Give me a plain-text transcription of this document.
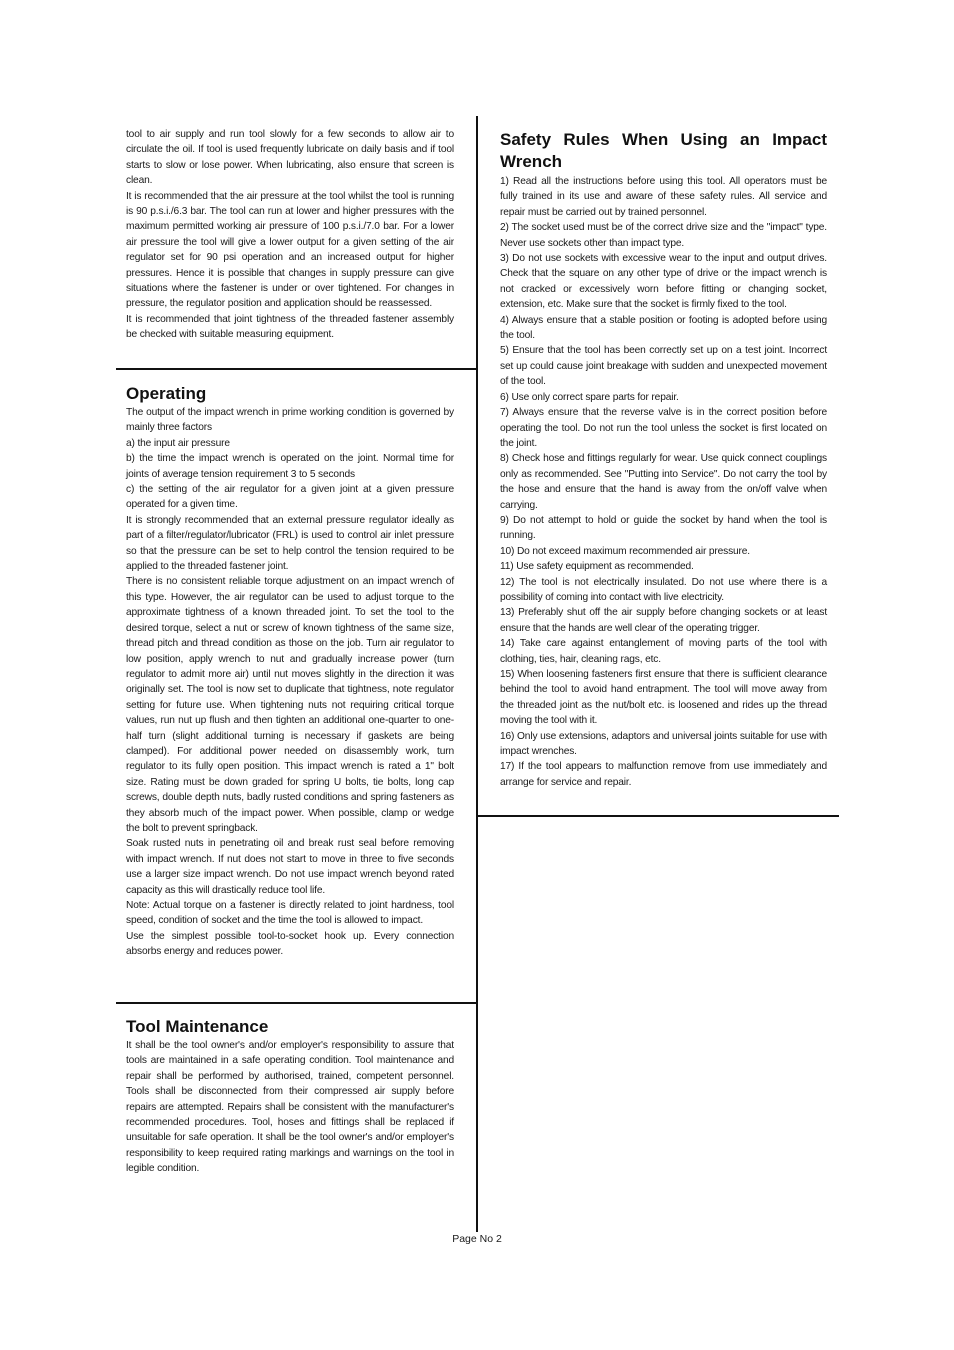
tool to air supply and run tool slowly for a few seconds to allow air to circulate the oil. If tool is used frequently lubricate on daily basis and if tool starts to slow or lose power. When lubricating, also ensure that screen is clean.

It is recommended that the air pressure at the tool whilst the tool is running is 90 p.s.i./6.3 bar. The tool can run at lower and higher pressures with the maximum permitted working air pressure of 100 p.s.i./7.0 bar. For a lower air pressure the tool will give a lower output for a given setting of the air regulator set for 90 psi operation and an increased output for higher pressures. Hence it is possible that changes in supply pressure can give situations where the fastener is under or over tightened. For changes in pressure, the regulator position and application should be reassessed.

It is recommended that joint tightness of the threaded fastener assembly be checked with suitable measuring equipment.

Operating

The output of the impact wrench in prime working condition is governed by mainly three factors

a) the input air pressure

b) the time the impact wrench is operated on the joint. Normal time for joints of average tension requirement 3 to 5 seconds

c) the setting of the air regulator for a given joint at a given pressure operated for a given time.

It is strongly recommended that an external pressure regulator ideally as part of a filter/regulator/lubricator (FRL) is used to control air inlet pressure so that the pressure can be set to help control the tension required to be applied to the threaded fastener joint.

There is no consistent reliable torque adjustment on an impact wrench of this type. However, the air regulator can be used to adjust torque to the approximate tightness of a known threaded joint. To set the tool to the desired torque, select a nut or screw of known tightness of the same size, thread pitch and thread condition as those on the job. Turn air regulator to low position, apply wrench to nut and gradually increase power (turn regulator to admit more air) until nut moves slightly in the direction it was originally set. The tool is now set to duplicate that tightness, note regulator setting for future use. When tightening nuts not requiring critical torque values, run nut up flush and then tighten an additional one-quarter to one-half turn (slight additional turning is necessary if gaskets are being clamped). For additional power needed on disassembly work, turn regulator to its fully open position. This impact wrench is rated a 1" bolt size. Rating must be down graded for spring U bolts, tie bolts, long cap screws, double depth nuts, badly rusted conditions and spring fasteners as they absorb much of the impact power. When possible, clamp or wedge the bolt to prevent springback.

Soak rusted nuts in penetrating oil and break rust seal before removing with impact wrench. If nut does not start to move in three to five seconds use a larger size impact wrench. Do not use impact wrench beyond rated capacity as this will drastically reduce tool life.

Note: Actual torque on a fastener is directly related to joint hardness, tool speed, condition of socket and the time the tool is allowed to impact.

Use the simplest possible tool-to-socket hook up. Every connection absorbs energy and reduces power.

Tool Maintenance

It shall be the tool owner's and/or employer's responsibility to assure that tools are maintained in a safe operating condition. Tool maintenance and repair shall be performed by authorised, trained, competent personnel. Tools shall be disconnected from their compressed air supply before repairs are attempted. Repairs shall be consistent with the manufacturer's recommended procedures. Tool, hoses and fittings shall be replaced if unsuitable for safe operation. It shall be the tool owner's and/or employer's responsibility to keep required rating markings and warnings on the tool in legible condition.

Safety Rules When Using an Impact Wrench

1) Read all the instructions before using this tool. All operators must be fully trained in its use and aware of these safety rules. All service and repair must be carried out by trained personnel.

2) The socket used must be of the correct drive size and the "impact" type. Never use sockets other than impact type.

3) Do not use sockets with excessive wear to the input and output drives. Check that the square on any other type of drive or the impact wrench is not cracked or excessively worn before fitting or changing socket, extension, etc. Make sure that the socket is firmly fixed to the tool.

4) Always ensure that a stable position or footing is adopted before using the tool.

5) Ensure that the tool has been correctly set up on a test joint. Incorrect set up could cause joint breakage with sudden and unexpected movement of the tool.

6) Use only correct spare parts for repair.

7) Always ensure that the reverse valve is in the correct position before operating the tool. Do not run the tool unless the socket is first located on the joint.

8) Check hose and fittings regularly for wear. Use quick connect couplings only as recommended. See "Putting into Service". Do not carry the tool by the hose and ensure that the hand is away from the on/off valve when carrying.

9) Do not attempt to hold or guide the socket by hand when the tool is running.

10) Do not exceed maximum recommended air pressure.

11) Use safety equipment as recommended.

12) The tool is not electrically insulated. Do not use where there is a possibility of coming into contact with live electricity.

13) Preferably shut off the air supply before changing sockets or at least ensure that the hands are well clear of the operating trigger.

14) Take care against entanglement of moving parts of the tool with clothing, ties, hair, cleaning rags, etc.

15) When loosening fasteners first ensure that there is sufficient clearance behind the tool to avoid hand entrapment. The tool will move away from the threaded joint as the nut/bolt etc. is loosened and rides up the thread moving the tool with it.

16) Only use extensions, adaptors and universal joints suitable for use with impact wrenches.

17) If the tool appears to malfunction remove from use immediately and arrange for service and repair.

Page No 2
